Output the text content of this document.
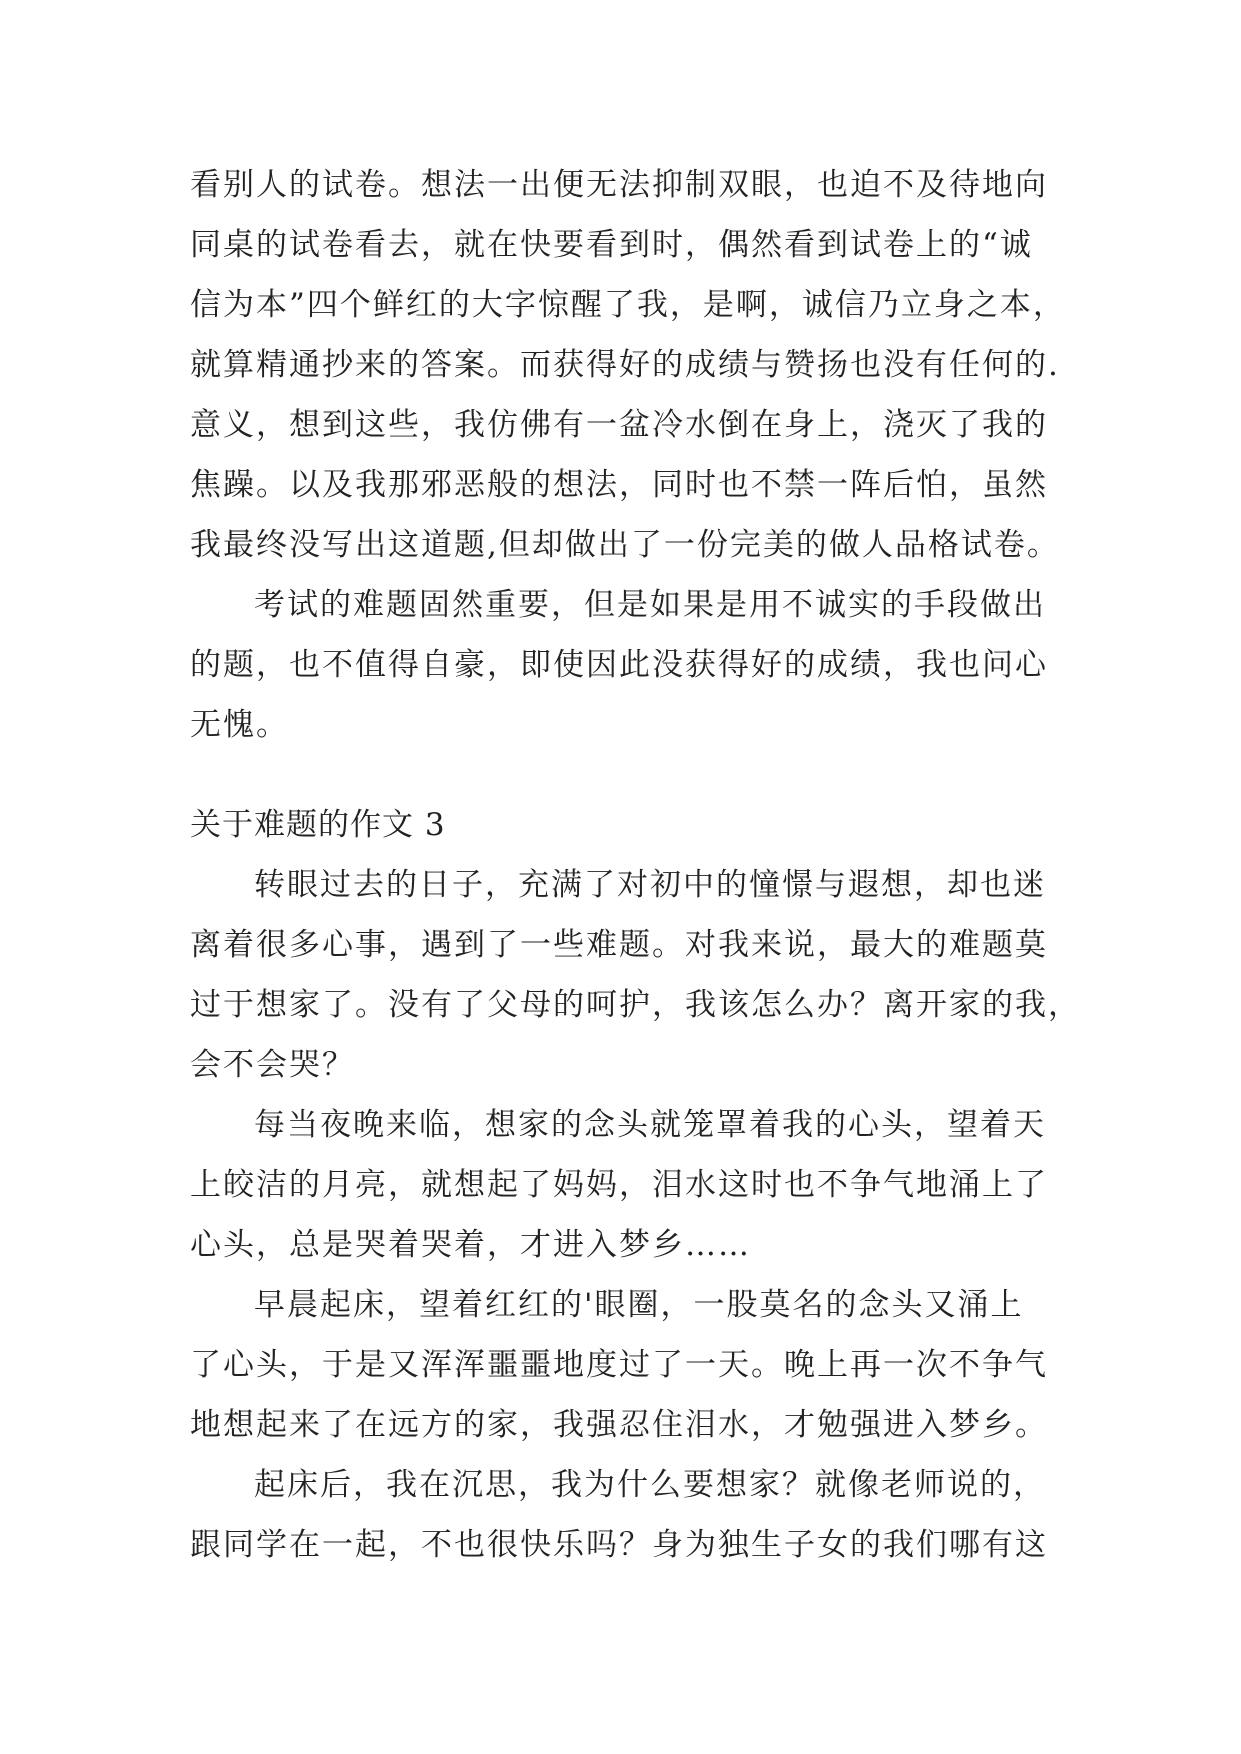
看别人的试卷。想法一出便无法抑制双眼，也迫不及待地向
同桌的试卷看去，就在快要看到时，偶然看到试卷上的“诚
信为本”四个鲜红的大字惊醒了我，是啊，诚信乃立身之本，
就算精通抄来的答案。而获得好的成绩与赞扬也没有任何的.
意义，想到这些，我仿佛有一盆冷水倒在身上，浇灭了我的
焦躁。以及我那邪恶般的想法，同时也不禁一阵后怕，虽然
我最终没写出这道题,但却做出了一份完美的做人品格试卷。
考试的难题固然重要，但是如果是用不诚实的手段做出
的题，也不值得自豪，即使因此没获得好的成绩，我也问心
无愧。
关于难题的作文 3
转眼过去的日子，充满了对初中的憧憬与遐想，却也迷
离着很多心事，遇到了一些难题。对我来说，最大的难题莫
过于想家了。没有了父母的呵护，我该怎么办？离开家的我，
会不会哭？
每当夜晚来临，想家的念头就笼罩着我的心头，望着天
上皎洁的月亮，就想起了妈妈，泪水这时也不争气地涌上了
心头，总是哭着哭着，才进入梦乡……
早晨起床，望着红红的'眼圈，一股莫名的念头又涌上
了心头，于是又浑浑噩噩地度过了一天。晚上再一次不争气
地想起来了在远方的家，我强忍住泪水，才勉强进入梦乡。
起床后，我在沉思，我为什么要想家？就像老师说的，
跟同学在一起，不也很快乐吗？身为独生子女的我们哪有这
